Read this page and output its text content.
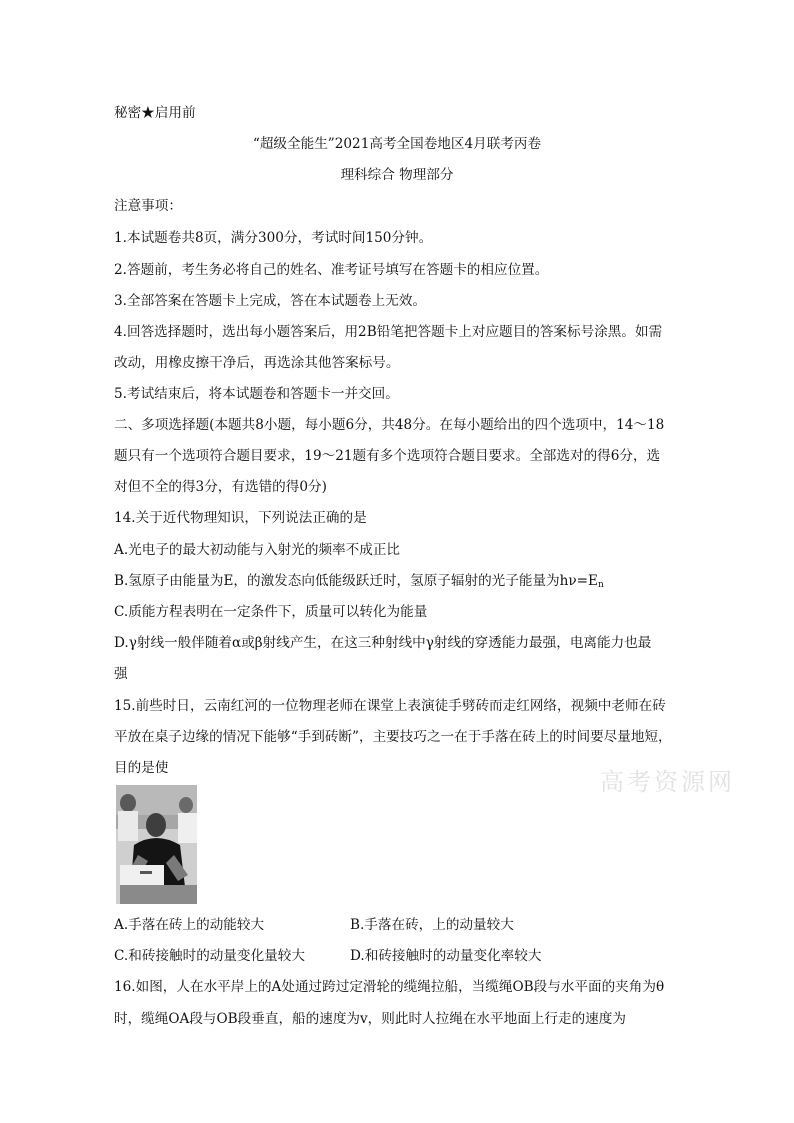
秘密★启用前
“超级全能生”2021高考全国卷地区4月联考丙卷
理科综合 物理部分
注意事项：
1.本试题卷共8页，满分300分，考试时间150分钟。
2.答题前，考生务必将自己的姓名、准考证号填写在答题卡的相应位置。
3.全部答案在答题卡上完成，答在本试题卷上无效。
4.回答选择题时，选出每小题答案后，用2B铅笔把答题卡上对应题目的答案标号涂黑。如需
改动，用橡皮擦干净后，再选涂其他答案标号。
5.考试结束后，将本试题卷和答题卡一并交回。
二、多项选择题(本题共8小题，每小题6分，共48分。在每小题给出的四个选项中，14～18
题只有一个选项符合题目要求，19～21题有多个选项符合题目要求。全部选对的得6分，选
对但不全的得3分，有选错的得0分)
14.关于近代物理知识，下列说法正确的是
A.光电子的最大初动能与入射光的频率不成正比
B.氢原子由能量为E，的激发态向低能级跃迁时，氢原子辐射的光子能量为$h\nu=E_n$
C.质能方程表明在一定条件下，质量可以转化为能量
D.γ射线一般伴随着α或β射线产生，在这三种射线中γ射线的穿透能力最强，电离能力也最
强
15.前些时日，云南红河的一位物理老师在课堂上表演徒手劈砖而走红网络，视频中老师在砖
平放在桌子边缘的情况下能够“手到砖断”，主要技巧之一在于手落在砖上的时间要尽量地短，
目的是使	高考资源网
A.手落在砖上的动能较大	B.手落在砖，上的动量较大
C.和砖接触时的动量变化量较大	D.和砖接触时的动量变化率较大
16.如图，人在水平岸上的A处通过跨过定滑轮的缆绳拉船，当缆绳OB段与水平面的夹角为θ
时，缆绳OA段与OB段垂直，船的速度为v，则此时人拉绳在水平地面上行走的速度为
